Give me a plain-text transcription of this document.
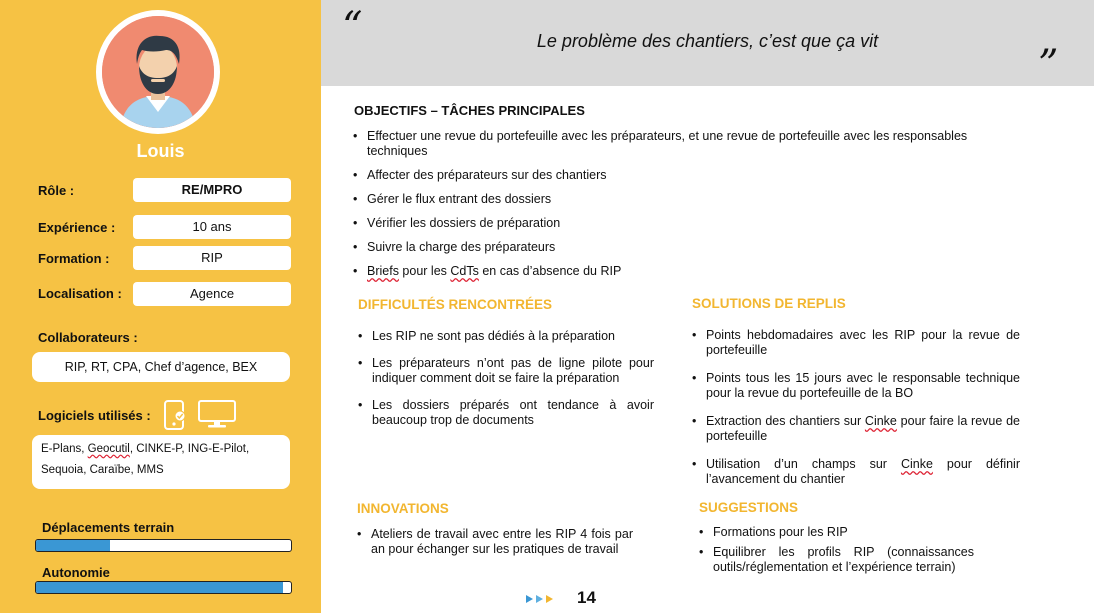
Louis
Rôle :	RE/MPRO
Expérience :	10 ans
Formation :	RIP
Localisation :	Agence
Collaborateurs :
RIP, RT, CPA, Chef d’agence, BEX
Logiciels utilisés :
E-Plans, Geocutil, CINKE-P, ING-E-Pilot,
Sequoia, Caraïbe, MMS
Déplacements terrain
Autonomie
“	Le problème des chantiers, c’est que ça vit
”
OBJECTIFS – TÂCHES PRINCIPALES
• Effectuer une revue du portefeuille avec les préparateurs, et une revue de portefeuille avec les responsables techniques
• Affecter des préparateurs sur des chantiers
• Gérer le flux entrant des dossiers
• Vérifier les dossiers de préparation
• Suivre la charge des préparateurs
• Briefs pour les CdTs en cas d’absence du RIP
DIFFICULTÉS RENCONTRÉES
• Les RIP ne sont pas dédiés à la préparation
• Les préparateurs n’ont pas de ligne pilote pour indiquer comment doit se faire la préparation
• Les dossiers préparés ont tendance à avoir beaucoup trop de documents
SOLUTIONS DE REPLIS
• Points hebdomadaires avec les RIP pour la revue de portefeuille
• Points tous les 15 jours avec le responsable technique pour la revue du portefeuille de la BO
• Extraction des chantiers sur Cinke pour faire la revue de portefeuille
• Utilisation d’un champs sur Cinke pour définir l’avancement du chantier
INNOVATIONS
• Ateliers de travail avec entre les RIP 4 fois par an pour échanger sur les pratiques de travail
SUGGESTIONS
• Formations pour les RIP
• Equilibrer les profils RIP (connaissances outils/réglementation et l’expérience terrain)
14
